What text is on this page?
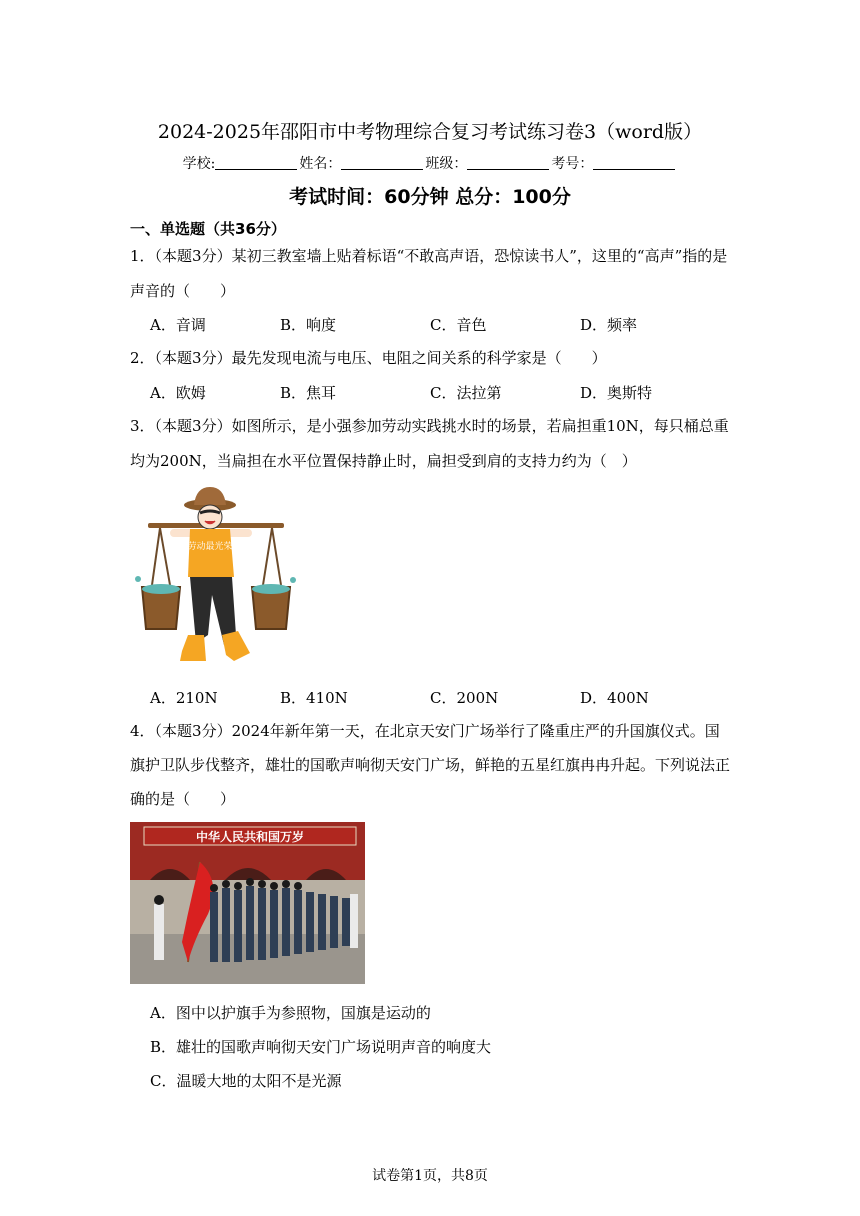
2024-2025年邵阳市中考物理综合复习考试练习卷3（word版）
学校:	姓名：	班级：	考号：
考试时间：60分钟 总分：100分
一、单选题（共36分）
1．（本题3分）某初三教室墙上贴着标语“不敢高声语，恐惊读书人”，这里的“高声”指的是
声音的（　　）
A．音调	B．响度	C．音色	D．频率
2．（本题3分）最先发现电流与电压、电阻之间关系的科学家是（　　）
A．欧姆	B．焦耳	C．法拉第	D．奥斯特
3．（本题3分）如图所示，是小强参加劳动实践挑水时的场景，若扁担重10N，每只桶总重
均为200N，当扁担在水平位置保持静止时，扁担受到肩的支持力约为（　）
劳动最光荣
A．210N	B．410N	C．200N	D．400N
4．（本题3分）2024年新年第一天，在北京天安门广场举行了隆重庄严的升国旗仪式。国
旗护卫队步伐整齐，雄壮的国歌声响彻天安门广场，鲜艳的五星红旗冉冉升起。下列说法正
确的是（　　）
中华人民共和国万岁
A．图中以护旗手为参照物，国旗是运动的
B．雄壮的国歌声响彻天安门广场说明声音的响度大
C．温暖大地的太阳不是光源
试卷第1页，共8页
